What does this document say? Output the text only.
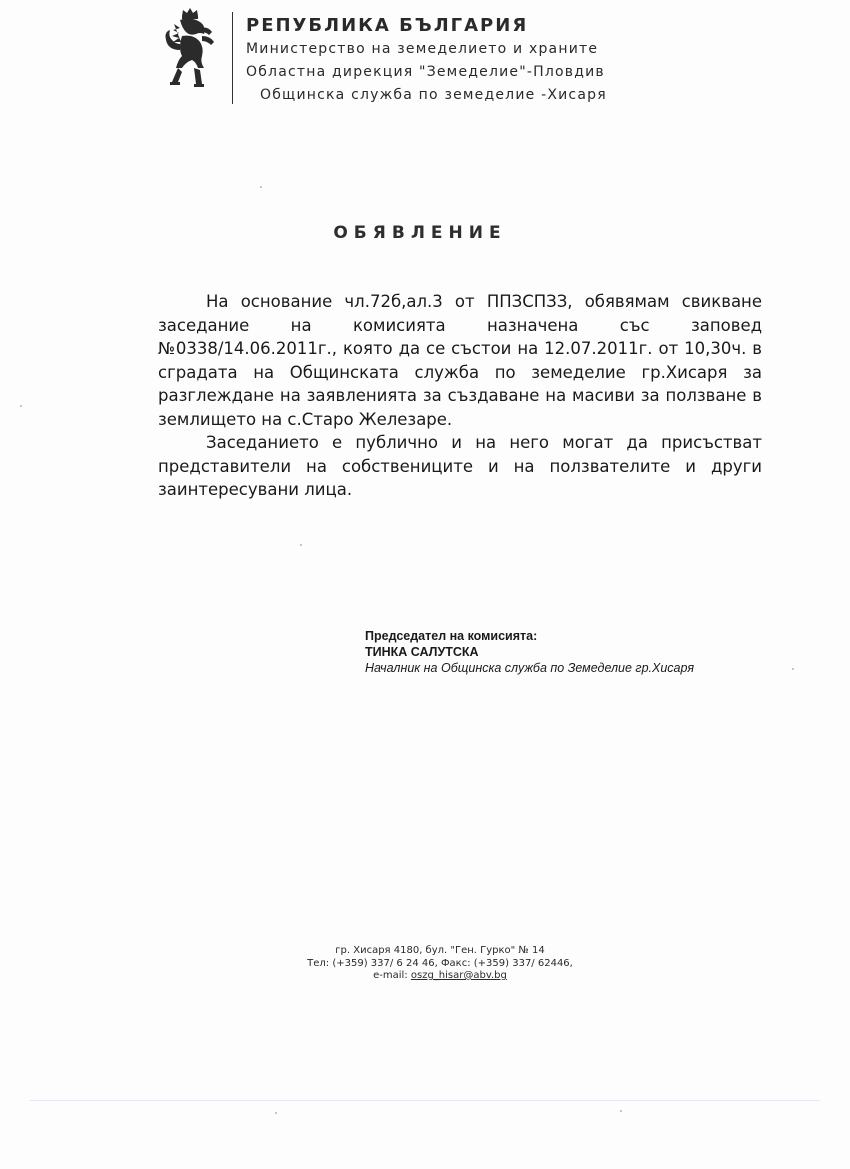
РЕПУБЛИКА БЪЛГАРИЯ
Министерство на земеделието и храните
Областна дирекция "Земеделие"-Пловдив
Общинска служба по земеделие -Хисаря
ОБЯВЛЕНИЕ

На основание чл.72б,ал.3 от ППЗСПЗЗ, обявямам свикване заседание на комисията назначена със заповед №0338/14.06.2011г., която да се състои на 12.07.2011г. от 10,30ч. в сградата на Общинската служба по земеделие гр.Хисаря за разглеждане на заявленията за създаване на масиви за ползване в землището на с.Старо Железаре.

Заседанието е публично и на него могат да присъстват представители на собствениците и на ползвателите и други заинтересувани лица.

Председател на комисията:
ТИНКА САЛУТСКА
Началник на Общинска служба по Земеделие гр.Хисаря
гр. Хисаря 4180, бул. "Ген. Гурко" № 14
Тел: (+359) 337/ 6 24 46, Факс: (+359) 337/ 62446,
e-mail: oszg_hisar@abv.bg
